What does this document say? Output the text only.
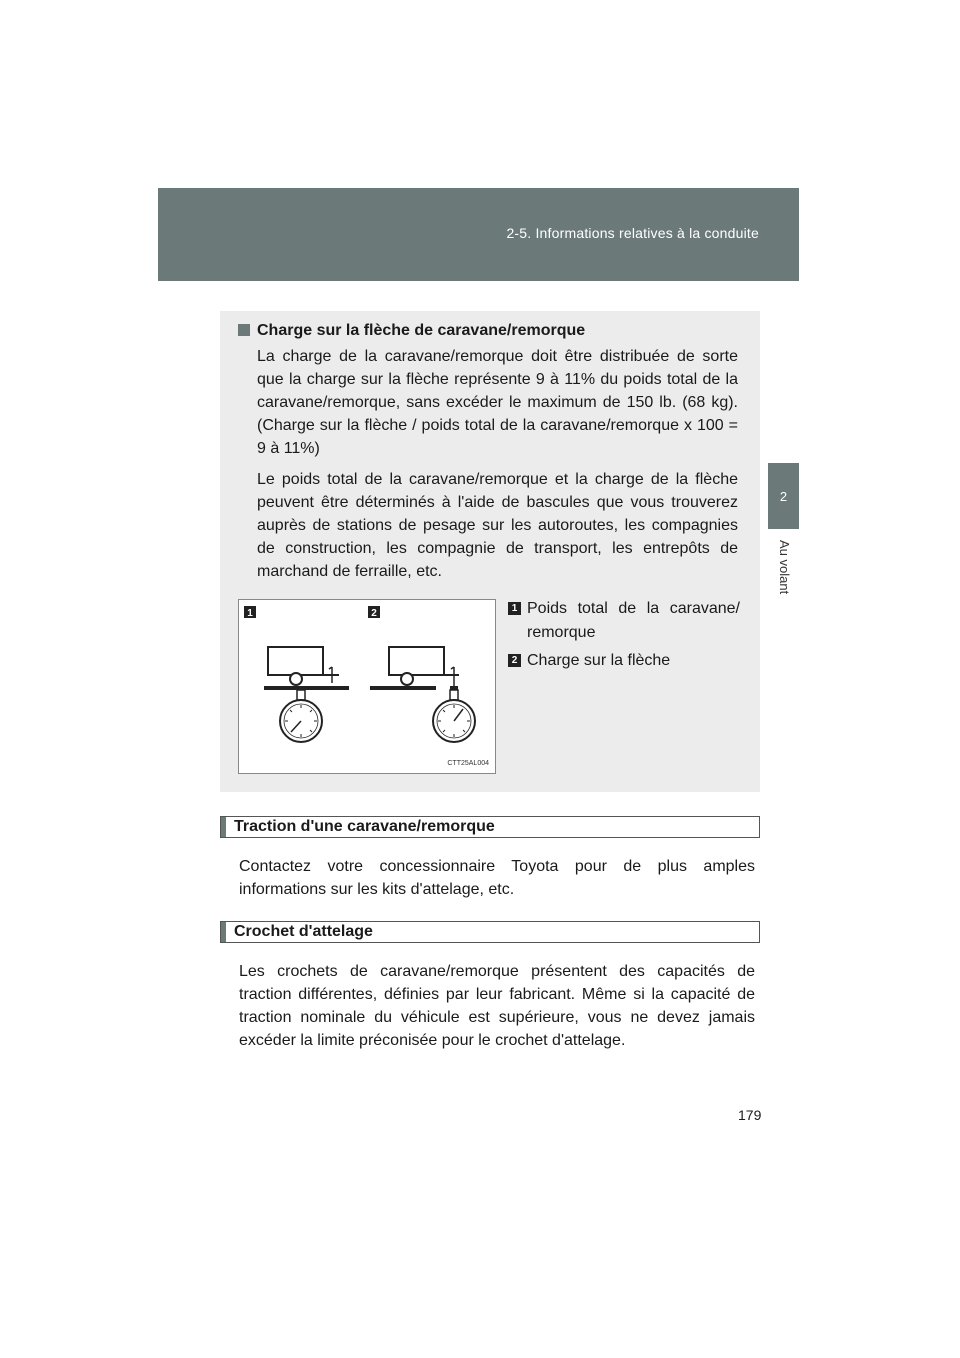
2-5. Informations relatives à la conduite
2
Au volant
Charge sur la flèche de caravane/remorque
La charge de la caravane/remorque doit être distribuée de sorte que la charge sur la flèche représente 9 à 11% du poids total de la caravane/remorque, sans excéder le maximum de 150 lb. (68 kg). (Charge sur la flèche / poids total de la caravane/remorque x 100 = 9 à 11%)
Le poids total de la caravane/remorque et la charge de la flèche peuvent être déterminés à l'aide de bascules que vous trouverez auprès de stations de pesage sur les autoroutes, les compagnies de construction, les compagnie de transport, les entrepôts de marchand de ferraille, etc.
1	2
CTT25AL004
1 Poids total de la caravane/ remorque
2 Charge sur la flèche
Traction d'une caravane/remorque
Contactez votre concessionnaire Toyota pour de plus amples informations sur les kits d'attelage, etc.
Crochet d'attelage
Les crochets de caravane/remorque présentent des capacités de traction différentes, définies par leur fabricant. Même si la capacité de traction nominale du véhicule est supérieure, vous ne devez jamais excéder la limite préconisée pour le crochet d'attelage.
179
